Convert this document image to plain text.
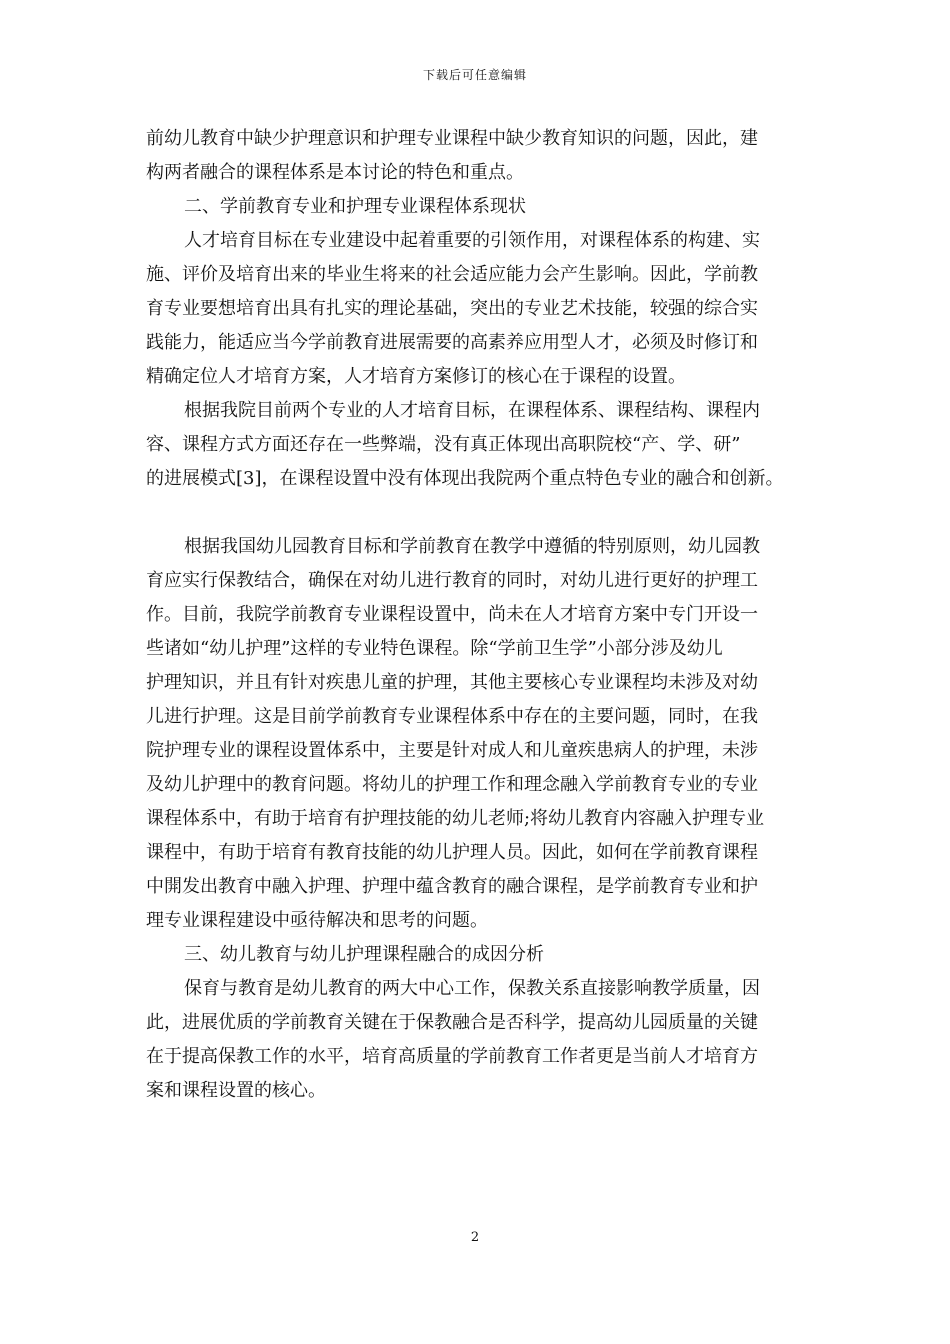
下载后可任意编辑
前幼儿教育中缺少护理意识和护理专业课程中缺少教育知识的问题，因此，建
构两者融合的课程体系是本讨论的特色和重点。
二、学前教育专业和护理专业课程体系现状
人才培育目标在专业建设中起着重要的引领作用，对课程体系的构建、实
施、评价及培育出来的毕业生将来的社会适应能力会产生影响。因此，学前教
育专业要想培育出具有扎实的理论基础，突出的专业艺术技能，较强的综合实
践能力，能适应当今学前教育进展需要的高素养应用型人才，必须及时修订和
精确定位人才培育方案，人才培育方案修订的核心在于课程的设置。
根据我院目前两个专业的人才培育目标，在课程体系、课程结构、课程内
容、课程方式方面还存在一些弊端，没有真正体现出高职院校“产、学、研”
的进展模式[3]，在课程设置中没有体现出我院两个重点特色专业的融合和创新。
根据我国幼儿园教育目标和学前教育在教学中遵循的特别原则，幼儿园教
育应实行保教结合，确保在对幼儿进行教育的同时，对幼儿进行更好的护理工
作。目前，我院学前教育专业课程设置中，尚未在人才培育方案中专门开设一
些诸如“幼儿护理”这样的专业特色课程。除“学前卫生学”小部分涉及幼儿
护理知识，并且有针对疾患儿童的护理，其他主要核心专业课程均未涉及对幼
儿进行护理。这是目前学前教育专业课程体系中存在的主要问题，同时，在我
院护理专业的课程设置体系中，主要是针对成人和儿童疾患病人的护理，未涉
及幼儿护理中的教育问题。将幼儿的护理工作和理念融入学前教育专业的专业
课程体系中，有助于培育有护理技能的幼儿老师;将幼儿教育内容融入护理专业
课程中，有助于培育有教育技能的幼儿护理人员。因此，如何在学前教育课程
中開发出教育中融入护理、护理中蕴含教育的融合课程，是学前教育专业和护
理专业课程建设中亟待解决和思考的问题。
三、幼儿教育与幼儿护理课程融合的成因分析
保育与教育是幼儿教育的两大中心工作，保教关系直接影响教学质量，因
此，进展优质的学前教育关键在于保教融合是否科学，提高幼儿园质量的关键
在于提高保教工作的水平，培育高质量的学前教育工作者更是当前人才培育方
案和课程设置的核心。
2
